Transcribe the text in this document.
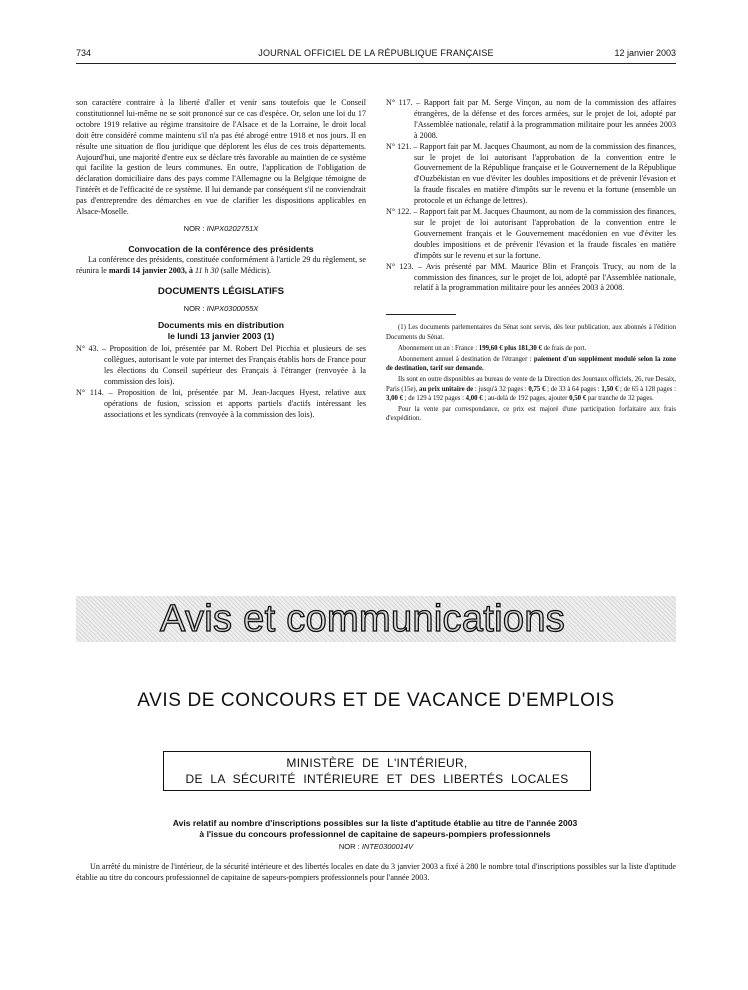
734	JOURNAL OFFICIEL DE LA RÉPUBLIQUE FRANÇAISE	12 janvier 2003

son caractère contraire à la liberté d'aller et venir sans toutefois que le Conseil constitutionnel lui-même ne se soit prononcé sur ce cas d'espèce. Or, selon une loi du 17 octobre 1919 relative au régime transitoire de l'Alsace et de la Lorraine, le droit local doit être considéré comme maintenu s'il n'a pas été abrogé entre 1918 et nos jours. Il en résulte une situation de flou juridique que déplorent les élus de ces trois départements. Aujourd'hui, une majorité d'entre eux se déclare très favorable au maintien de ce système qui facilite la gestion de leurs communes. En outre, l'application de l'obligation de déclaration domiciliaire dans des pays comme l'Allemagne ou la Belgique témoigne de l'intérêt et de l'efficacité de ce système. Il lui demande par conséquent s'il ne conviendrait pas d'entreprendre des démarches en vue de clarifier les dispositions applicables en Alsace-Moselle.

NOR : INPX0202751X

Convocation de la conférence des présidents

La conférence des présidents, constituée conformément à l'article 29 du règlement, se réunira le mardi 14 janvier 2003, à 11 h 30 (salle Médicis).

DOCUMENTS LÉGISLATIFS

NOR : INPX0300055X

Documents mis en distribution
le lundi 13 janvier 2003 (1)

N° 43. – Proposition de loi, présentée par M. Robert Del Picchia et plusieurs de ses collègues, autorisant le vote par internet des Français établis hors de France pour les élections du Conseil supérieur des Français à l'étranger (renvoyée à la commission des lois).

N° 114. – Proposition de loi, présentée par M. Jean-Jacques Hyest, relative aux opérations de fusion, scission et apports partiels d'actifs intéressant les associations et les syndicats (renvoyée à la commission des lois).

N° 117. – Rapport fait par M. Serge Vinçon, au nom de la commission des affaires étrangères, de la défense et des forces armées, sur le projet de loi, adopté par l'Assemblée nationale, relatif à la programmation militaire pour les années 2003 à 2008.

N° 121. – Rapport fait par M. Jacques Chaumont, au nom de la commission des finances, sur le projet de loi autorisant l'approbation de la convention entre le Gouvernement de la République française et le Gouvernement de la République d'Ouzbékistan en vue d'éviter les doubles impositions et de prévenir l'évasion et la fraude fiscales en matière d'impôts sur le revenu et la fortune (ensemble un protocole et un échange de lettres).

N° 122. – Rapport fait par M. Jacques Chaumont, au nom de la commission des finances, sur le projet de loi autorisant l'approbation de la convention entre le Gouvernement français et le Gouvernement macédonien en vue d'éviter les doubles impositions et de prévenir l'évasion et la fraude fiscales en matière d'impôts sur le revenu et sur la fortune.

N° 123. – Avis présenté par MM. Maurice Blin et François Trucy, au nom de la commission des finances, sur le projet de loi, adopté par l'Assemblée nationale, relatif à la programmation militaire pour les années 2003 à 2008.

(1) Les documents parlementaires du Sénat sont servis, dès leur publication, aux abonnés à l'édition Documents du Sénat.

Abonnement un an : France : 199,60 € plus 181,30 € de frais de port.

Abonnement annuel à destination de l'étranger : paiement d'un supplément modulé selon la zone de destination, tarif sur demande.

Ils sont en outre disponibles au bureau de vente de la Direction des Journaux officiels, 26, rue Desaix, Paris (15e), au prix unitaire de : jusqu'à 32 pages : 0,75 € ; de 33 à 64 pages : 1,50 € ; de 65 à 128 pages : 3,00 € ; de 129 à 192 pages : 4,00 € ; au-delà de 192 pages, ajouter 0,50 € par tranche de 32 pages.

Pour la vente par correspondance, ce prix est majoré d'une participation forfaitaire aux frais d'expédition.

Avis et communications
AVIS DE CONCOURS ET DE VACANCE D'EMPLOIS
MINISTÈRE DE L'INTÉRIEUR,
DE LA SÉCURITÉ INTÉRIEURE ET DES LIBERTÉS LOCALES
Avis relatif au nombre d'inscriptions possibles sur la liste d'aptitude établie au titre de l'année 2003
à l'issue du concours professionnel de capitaine de sapeurs-pompiers professionnels
NOR : INTE0300014V

Un arrêté du ministre de l'intérieur, de la sécurité intérieure et des libertés locales en date du 3 janvier 2003 a fixé à 280 le nombre total d'inscriptions possibles sur la liste d'aptitude établie au titre du concours professionnel de capitaine de sapeurs-pompiers professionnels pour l'année 2003.
